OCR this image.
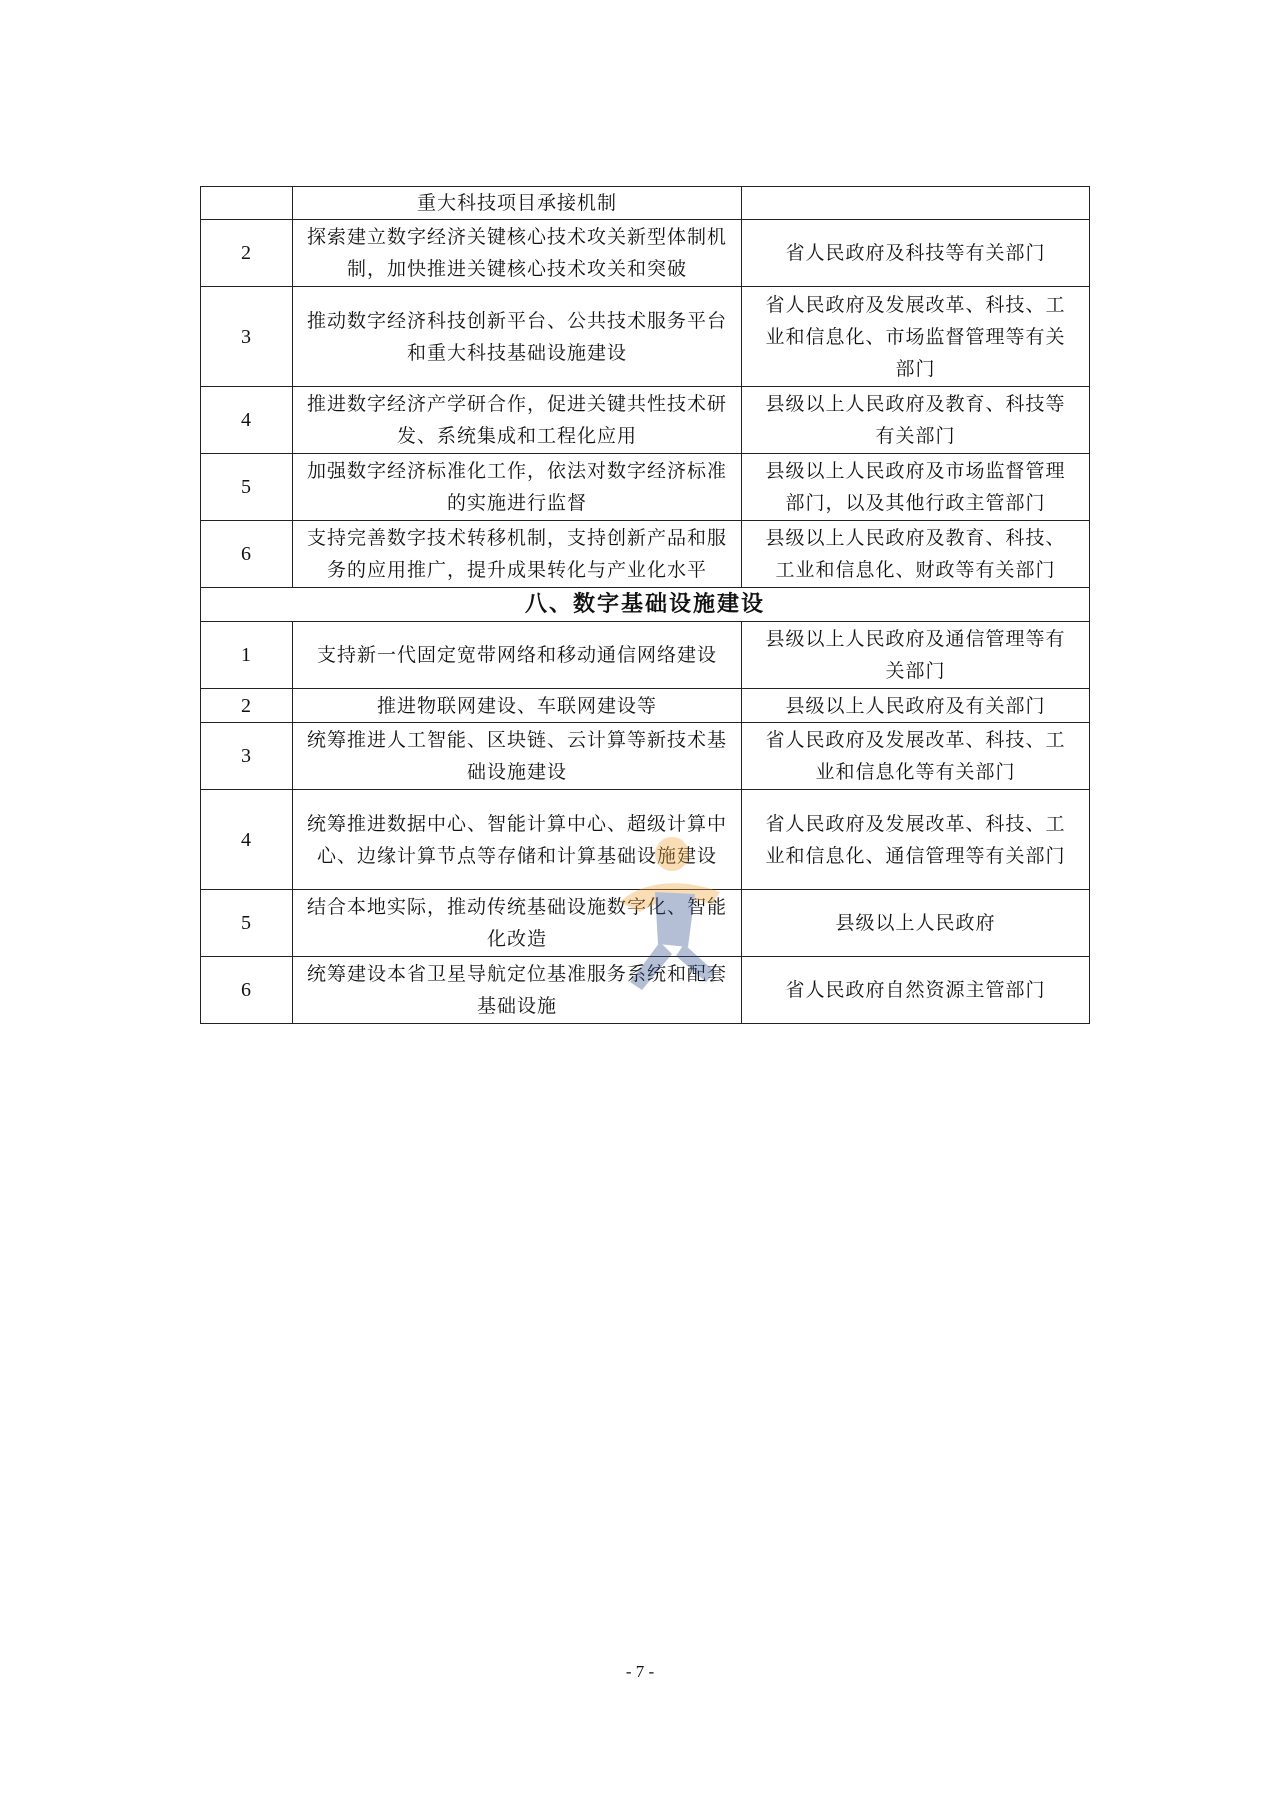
	重大科技项目承接机制	
2	探索建立数字经济关键核心技术攻关新型体制机制，加快推进关键核心技术攻关和突破	省人民政府及科技等有关部门
3	推动数字经济科技创新平台、公共技术服务平台和重大科技基础设施建设	省人民政府及发展改革、科技、工业和信息化、市场监督管理等有关部门
4	推进数字经济产学研合作，促进关键共性技术研发、系统集成和工程化应用	县级以上人民政府及教育、科技等有关部门
5	加强数字经济标准化工作，依法对数字经济标准的实施进行监督	县级以上人民政府及市场监督管理部门，以及其他行政主管部门
6	支持完善数字技术转移机制，支持创新产品和服务的应用推广，提升成果转化与产业化水平	县级以上人民政府及教育、科技、工业和信息化、财政等有关部门
八、数字基础设施建设		
1	支持新一代固定宽带网络和移动通信网络建设	县级以上人民政府及通信管理等有关部门
2	推进物联网建设、车联网建设等	县级以上人民政府及有关部门
3	统筹推进人工智能、区块链、云计算等新技术基础设施建设	省人民政府及发展改革、科技、工业和信息化等有关部门
4	统筹推进数据中心、智能计算中心、超级计算中心、边缘计算节点等存储和计算基础设施建设	省人民政府及发展改革、科技、工业和信息化、通信管理等有关部门
5	结合本地实际，推动传统基础设施数字化、智能化改造	县级以上人民政府
6	统筹建设本省卫星导航定位基准服务系统和配套基础设施	省人民政府自然资源主管部门
- 7 -
